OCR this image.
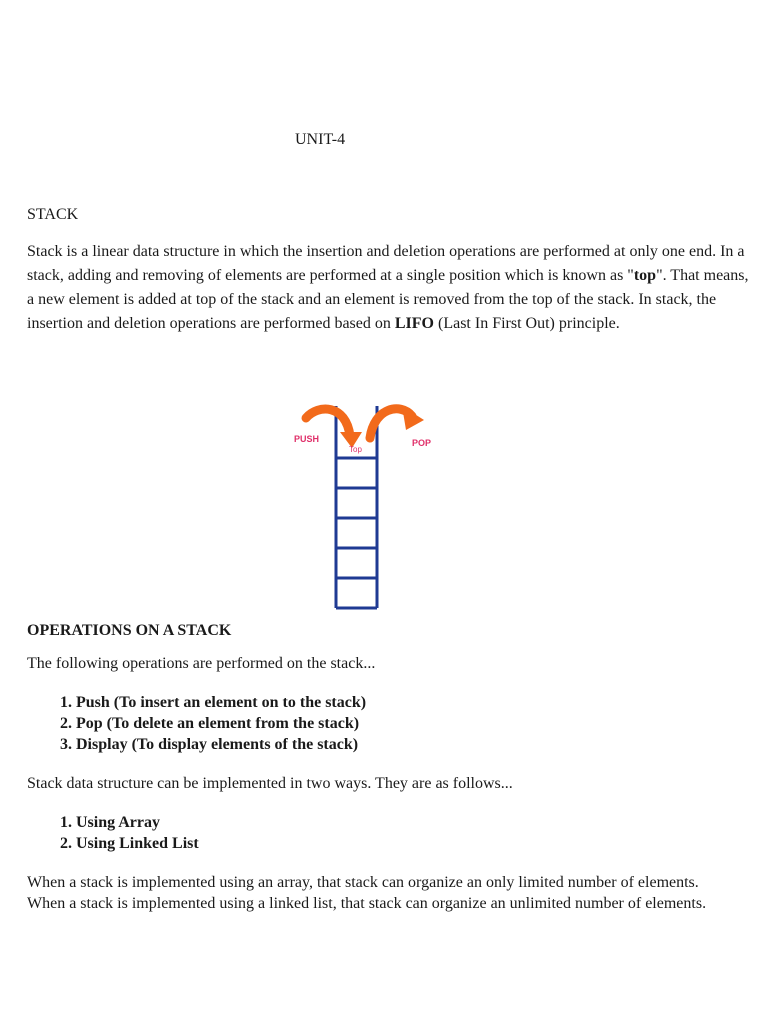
UNIT-4
STACK

Stack is a linear data structure in which the insertion and deletion operations are performed at only one end. In a stack, adding and removing of elements are performed at a single position which is known as "top". That means, a new element is added at top of the stack and an element is removed from the top of the stack. In stack, the insertion and deletion operations are performed based on LIFO (Last In First Out) principle.

PUSH
Top
POP
OPERATIONS ON A STACK
The following operations are performed on the stack...
1.
Push (To insert an element on to the stack)
2.
Pop (To delete an element from the stack)
3.
Display (To display elements of the stack)
Stack data structure can be implemented in two ways. They are as follows...
1.
Using Array
2.
Using Linked List

When a stack is implemented using an array, that stack can organize an only limited number of elements.
When a stack is implemented using a linked list, that stack can organize an unlimited number of elements.
